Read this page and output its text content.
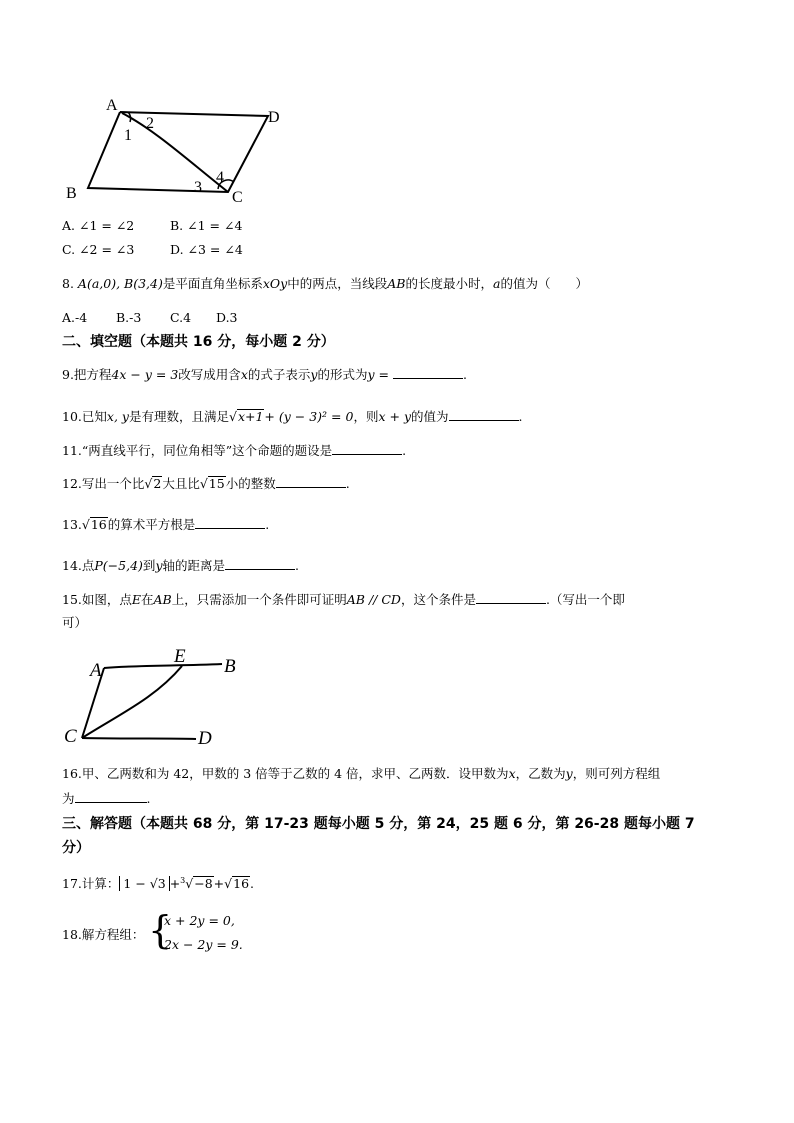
A
D
B	C
1
2
3
4
A. ∠1 = ∠2	B. ∠1 = ∠4
C. ∠2 = ∠3	D. ∠3 = ∠4
8. A(a,0), B(3,4)是平面直角坐标系xOy中的两点，当线段AB的长度最小时，a的值为（　　）
A.-4 B.-3 C.4 D.3
二、填空题（本题共 16 分，每小题 2 分）
9.把方程4x − y = 3改写成用含x的式子表示y的形式为y =	.
10.已知x, y是有理数，且满足√x+1+ (y − 3)² = 0，则x + y的值为	.
11.“两直线平行，同位角相等”这个命题的题设是	.
12.写出一个比√2大且比√15小的整数	.
13.√16的算术平方根是	.
14.点P(−5,4)到y轴的距离是	.
15.如图，点E在AB上，只需添加一个条件即可证明AB // CD，这个条件是	.（写出一个即
可）
A
E B
C	D
16.甲、乙两数和为 42，甲数的 3 倍等于乙数的 4 倍，求甲、乙两数．设甲数为x，乙数为y，则可列方程组
为	.
三、解答题（本题共 68 分，第 17-23 题每小题 5 分，第 24，25 题 6 分，第 26-28 题每小题 7
分）
17.计算： 1 − √3 +$^3$√−8+√16.
18.解方程组： {
x + 2y = 0,
2x − 2y = 9.
